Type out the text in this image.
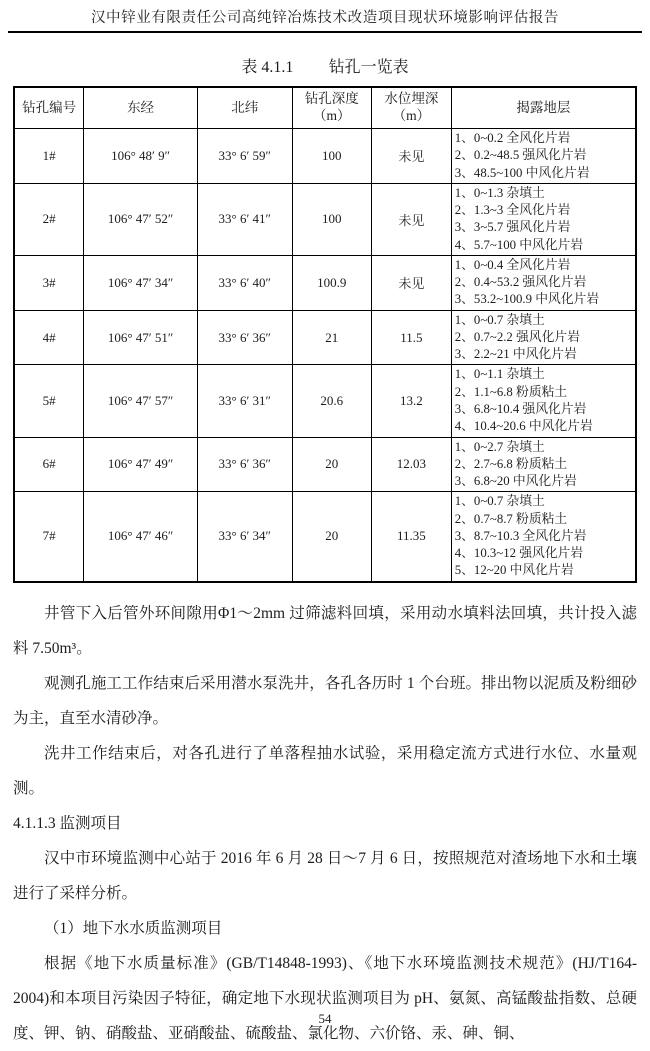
汉中锌业有限责任公司高纯锌冶炼技术改造项目现状环境影响评估报告
表 4.1.1 钻孔一览表
钻孔编号	东经	北纬	钻孔深度（m）	水位埋深（m）	揭露地层
1#	106° 48′ 9″	33° 6′ 59″	100	未见	1、0~0.2 全风化片岩
2、0.2~48.5 强风化片岩
3、48.5~100 中风化片岩

2#	106° 47′ 52″	33° 6′ 41″	100	未见	1、0~1.3 杂填土
2、1.3~3 全风化片岩
3、3~5.7 强风化片岩
4、5.7~100 中风化片岩

3#	106° 47′ 34″	33° 6′ 40″	100.9	未见	1、0~0.4 全风化片岩
2、0.4~53.2 强风化片岩
3、53.2~100.9 中风化片岩

4#	106° 47′ 51″	33° 6′ 36″	21	11.5	1、0~0.7 杂填土
2、0.7~2.2 强风化片岩
3、2.2~21 中风化片岩

5#	106° 47′ 57″	33° 6′ 31″	20.6	13.2	1、0~1.1 杂填土
2、1.1~6.8 粉质粘土
3、6.8~10.4 强风化片岩
4、10.4~20.6 中风化片岩

6#	106° 47′ 49″	33° 6′ 36″	20	12.03	1、0~2.7 杂填土
2、2.7~6.8 粉质粘土
3、6.8~20 中风化片岩

7#	106° 47′ 46″	33° 6′ 34″	20	11.35	1、0~0.7 杂填土
2、0.7~8.7 粉质粘土
3、8.7~10.3 全风化片岩
4、10.3~12 强风化片岩
5、12~20 中风化片岩

井管下入后管外环间隙用Φ1～2mm 过筛滤料回填，采用动水填料法回填，共计投入滤料 7.50m³。

观测孔施工工作结束后采用潜水泵洗井，各孔各历时 1 个台班。排出物以泥质及粉细砂为主，直至水清砂净。

洗井工作结束后，对各孔进行了单落程抽水试验，采用稳定流方式进行水位、水量观测。

4.1.1.3 监测项目

汉中市环境监测中心站于 2016 年 6 月 28 日～7 月 6 日，按照规范对渣场地下水和土壤进行了采样分析。

（1）地下水水质监测项目

根据《地下水质量标准》(GB/T14848-1993)、《地下水环境监测技术规范》(HJ/T164-2004)和本项目污染因子特征，确定地下水现状监测项目为 pH、氨氮、高锰酸盐指数、总硬度、钾、钠、硝酸盐、亚硝酸盐、硫酸盐、氯化物、六价铬、汞、砷、铜、

54
